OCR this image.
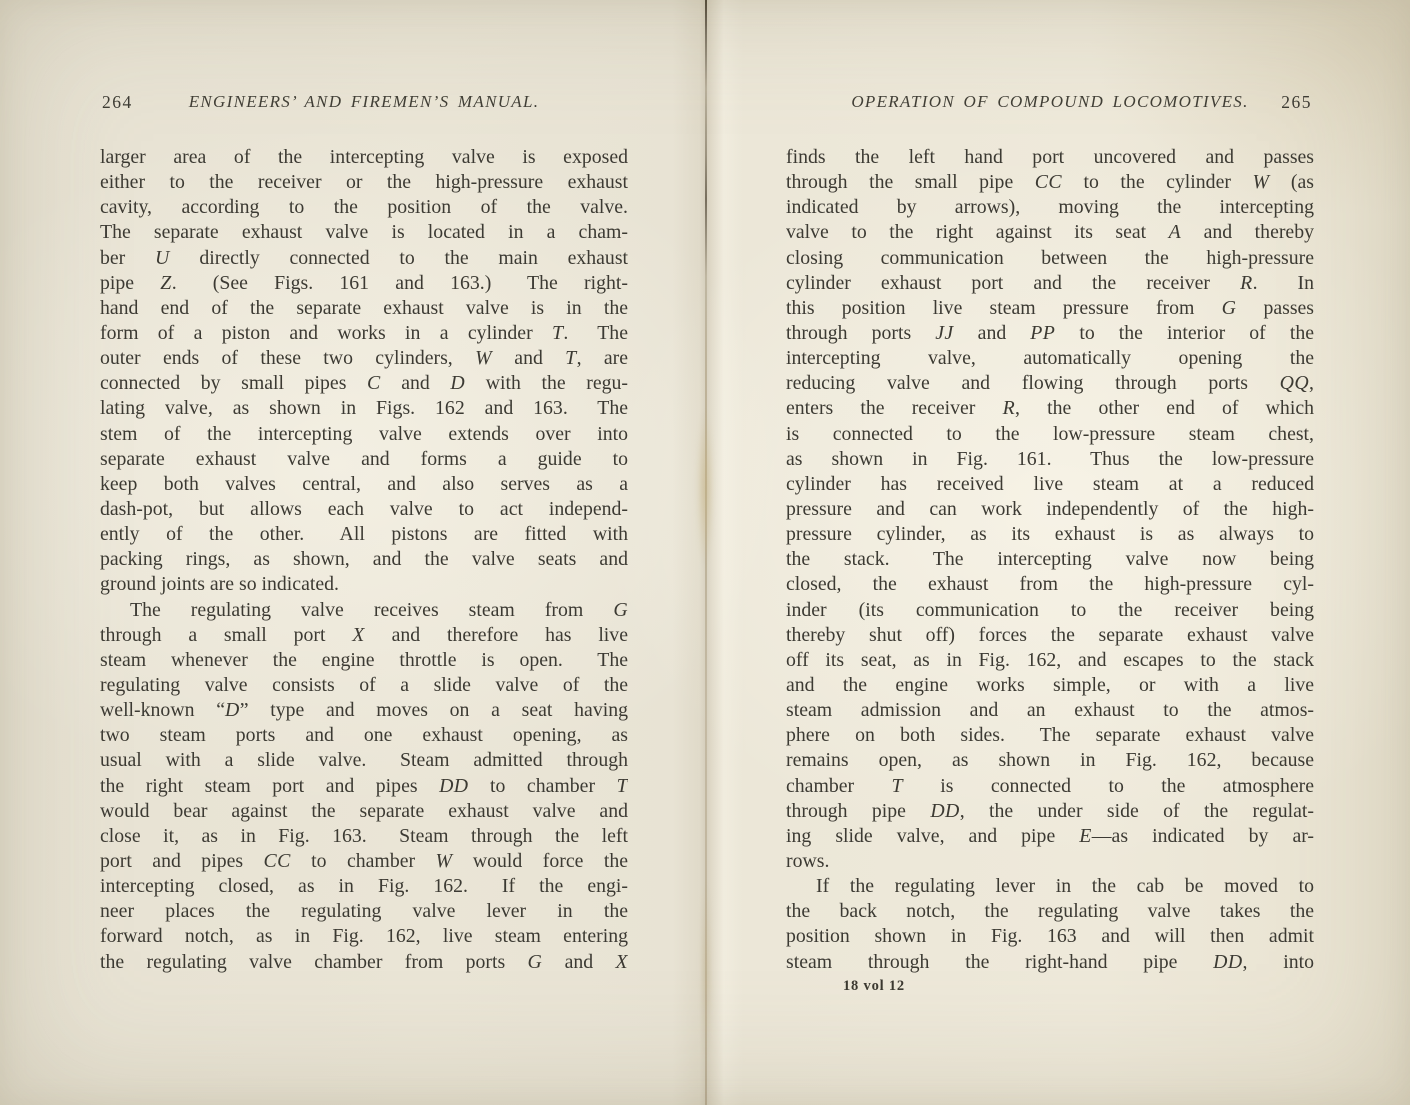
264	ENGINEERS’ AND FIREMEN’S MANUAL.
larger area of the intercepting valve is exposed
either to the receiver or the high-pressure exhaust
cavity, according to the position of the valve.
The separate exhaust valve is located in a cham-
ber U directly connected to the main exhaust
pipe Z.  (See Figs. 161 and 163.)  The right-
hand end of the separate exhaust valve is in the
form of a piston and works in a cylinder T.  The
outer ends of these two cylinders, W and T, are
connected by small pipes C and D with the regu-
lating valve, as shown in Figs. 162 and 163.  The
stem of the intercepting valve extends over into
separate exhaust valve and forms a guide to
keep both valves central, and also serves as a
dash-pot, but allows each valve to act independ-
ently of the other.  All pistons are fitted with
packing rings, as shown, and the valve seats and
ground joints are so indicated.
The regulating valve receives steam from G
through a small port X and therefore has live
steam whenever the engine throttle is open.  The
regulating valve consists of a slide valve of the
well-known “D” type and moves on a seat having
two steam ports and one exhaust opening, as
usual with a slide valve.  Steam admitted through
the right steam port and pipes DD to chamber T
would bear against the separate exhaust valve and
close it, as in Fig. 163.  Steam through the left
port and pipes CC to chamber W would force the
intercepting closed, as in Fig. 162.  If the engi-
neer places the regulating valve lever in the
forward notch, as in Fig. 162, live steam entering
the regulating valve chamber from ports G and X
OPERATION OF COMPOUND LOCOMOTIVES.	265
finds the left hand port uncovered and passes
through the small pipe CC to the cylinder W (as
indicated by arrows), moving the intercepting
valve to the right against its seat A and thereby
closing communication between the high-pressure
cylinder exhaust port and the receiver R.  In
this position live steam pressure from G passes
through ports JJ and PP to the interior of the
intercepting valve, automatically opening the
reducing valve and flowing through ports QQ,
enters the receiver R, the other end of which
is connected to the low-pressure steam chest,
as shown in Fig. 161.  Thus the low-pressure
cylinder has received live steam at a reduced
pressure and can work independently of the high-
pressure cylinder, as its exhaust is as always to
the stack.  The intercepting valve now being
closed, the exhaust from the high-pressure cyl-
inder (its communication to the receiver being
thereby shut off) forces the separate exhaust valve
off its seat, as in Fig. 162, and escapes to the stack
and the engine works simple, or with a live
steam admission and an exhaust to the atmos-
phere on both sides.  The separate exhaust valve
remains open, as shown in Fig. 162, because
chamber T is connected to the atmosphere
through pipe DD, the under side of the regulat-
ing slide valve, and pipe E—as indicated by ar-
rows.
If the regulating lever in the cab be moved to
the back notch, the regulating valve takes the
position shown in Fig. 163 and will then admit
steam through the right-hand pipe DD, into
18 vol 12
